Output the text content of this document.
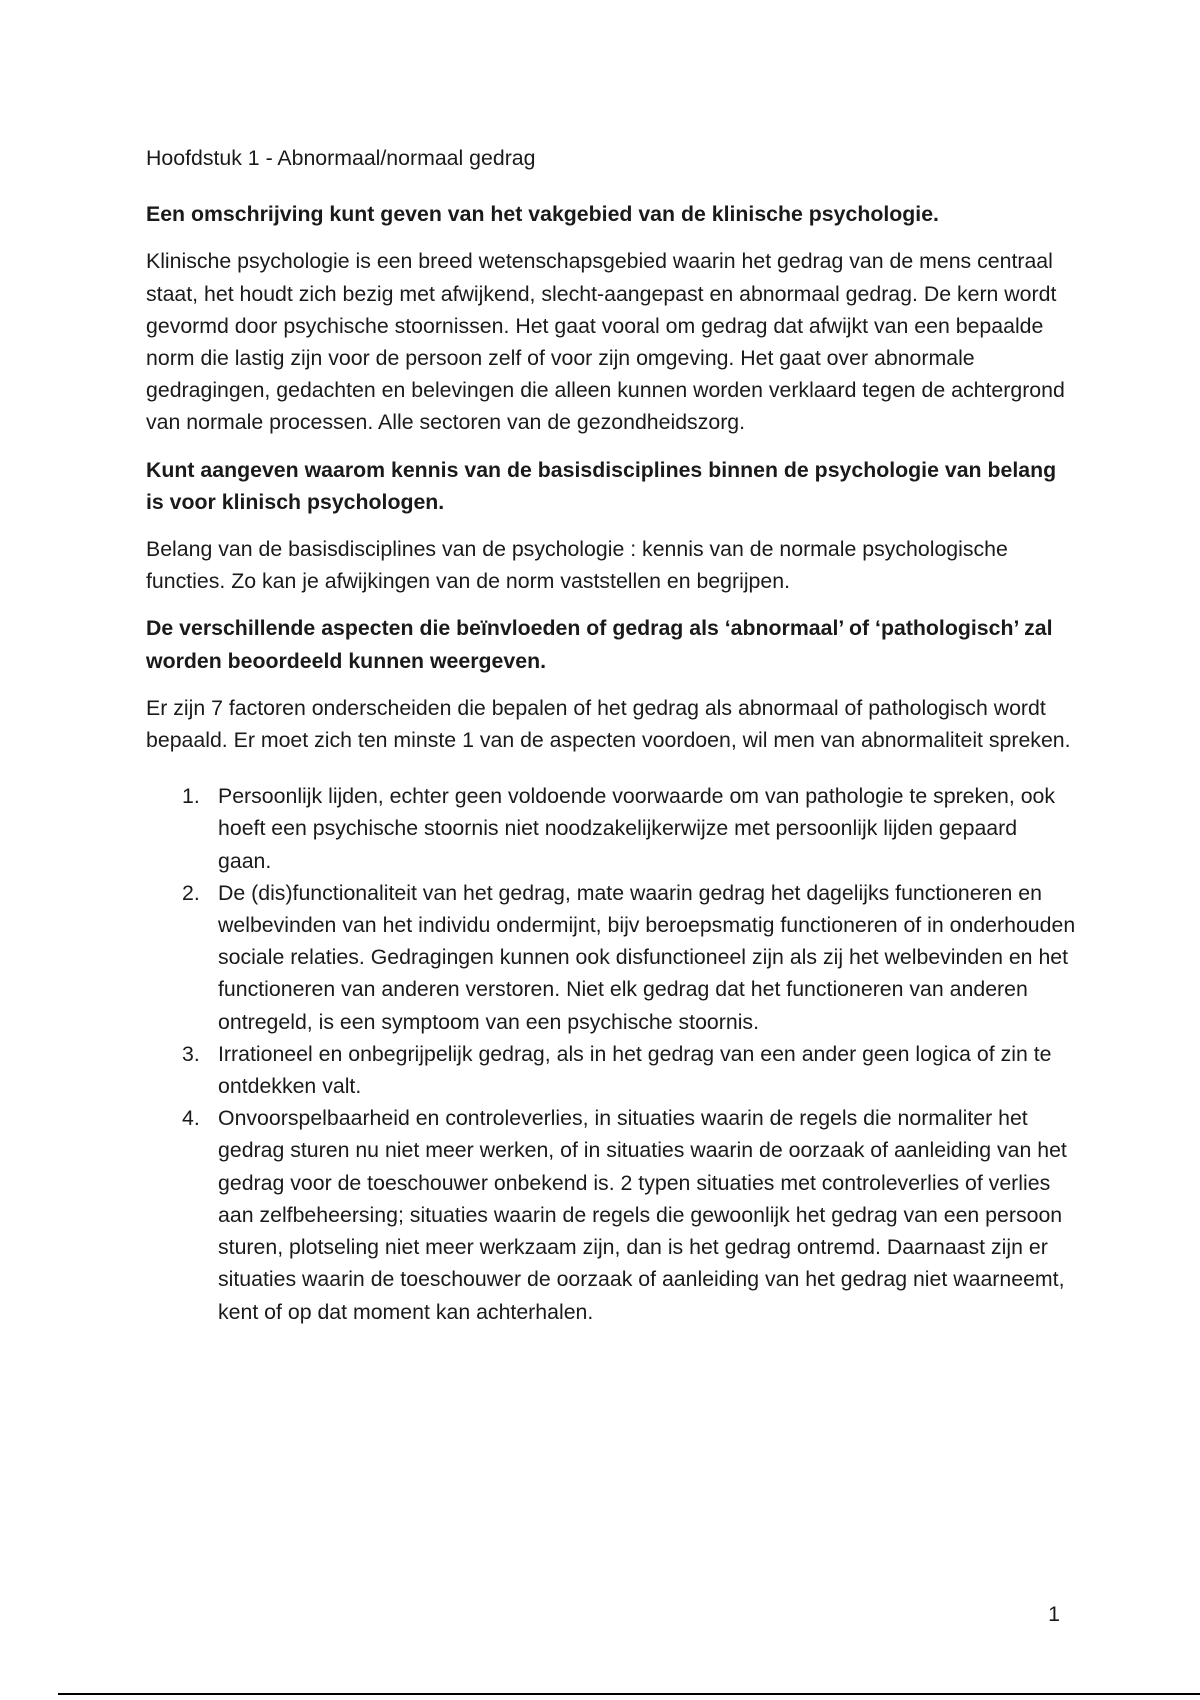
Hoofdstuk 1 - Abnormaal/normaal gedrag
Een omschrijving kunt geven van het vakgebied van de klinische psychologie.

Klinische psychologie is een breed wetenschapsgebied waarin het gedrag van de mens centraal staat, het houdt zich bezig met afwijkend, slecht-aangepast en abnormaal gedrag. De kern wordt gevormd door psychische stoornissen. Het gaat vooral om gedrag dat afwijkt van een bepaalde norm die lastig zijn voor de persoon zelf of voor zijn omgeving. Het gaat over abnormale gedragingen, gedachten en belevingen die alleen kunnen worden verklaard tegen de achtergrond van normale processen. Alle sectoren van de gezondheidszorg.

Kunt aangeven waarom kennis van de basisdisciplines binnen de psychologie van belang is voor klinisch psychologen.

Belang van de basisdisciplines van de psychologie : kennis van de normale psychologische functies. Zo kan je afwijkingen van de norm vaststellen en begrijpen.

De verschillende aspecten die beïnvloeden of gedrag als ‘abnormaal’ of ‘pathologisch’ zal worden beoordeeld kunnen weergeven.

Er zijn 7 factoren onderscheiden die bepalen of het gedrag als abnormaal of pathologisch wordt bepaald. Er moet zich ten minste 1 van de aspecten voordoen, wil men van abnormaliteit spreken.

Persoonlijk lijden, echter geen voldoende voorwaarde om van pathologie te spreken, ook hoeft een psychische stoornis niet noodzakelijkerwijze met persoonlijk lijden gepaard gaan.
De (dis)functionaliteit van het gedrag, mate waarin gedrag het dagelijks functioneren en welbevinden van het individu ondermijnt, bijv beroepsmatig functioneren of in onderhouden sociale relaties. Gedragingen kunnen ook disfunctioneel zijn als zij het welbevinden en het functioneren van anderen verstoren. Niet elk gedrag dat het functioneren van anderen ontregeld, is een symptoom van een psychische stoornis.
Irrationeel en onbegrijpelijk gedrag, als in het gedrag van een ander geen logica of zin te ontdekken valt.
Onvoorspelbaarheid en controleverlies, in situaties waarin de regels die normaliter het gedrag sturen nu niet meer werken, of in situaties waarin de oorzaak of aanleiding van het gedrag voor de toeschouwer onbekend is. 2 typen situaties met controleverlies of verlies aan zelfbeheersing; situaties waarin de regels die gewoonlijk het gedrag van een persoon sturen, plotseling niet meer werkzaam zijn, dan is het gedrag ontremd. Daarnaast zijn er situaties waarin de toeschouwer de oorzaak of aanleiding van het gedrag niet waarneemt, kent of op dat moment kan achterhalen.
1
